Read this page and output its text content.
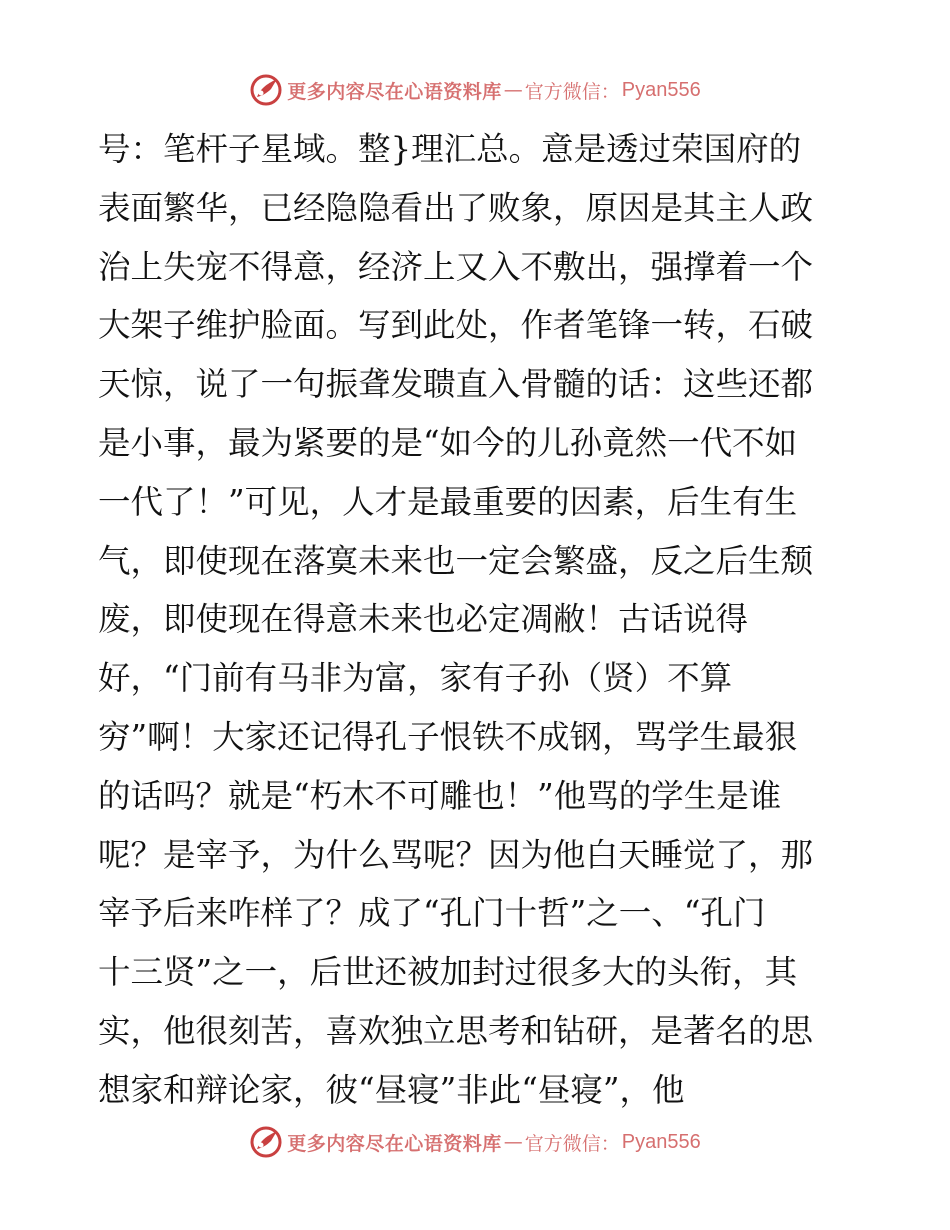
更多内容尽在心语资料库 — 官方微信： Pyan556
号：笔杆子星域。整}理汇总。意是透过荣国府的
表面繁华，已经隐隐看出了败象，原因是其主人政
治上失宠不得意，经济上又入不敷出，强撑着一个
大架子维护脸面。写到此处，作者笔锋一转，石破
天惊，说了一句振聋发聩直入骨髓的话：这些还都
是小事，最为紧要的是“如今的儿孙竟然一代不如
一代了！”可见，人才是最重要的因素，后生有生
气，即使现在落寞未来也一定会繁盛，反之后生颓
废，即使现在得意未来也必定凋敝！古话说得
好，“门前有马非为富，家有子孙（贤）不算
穷”啊！大家还记得孔子恨铁不成钢，骂学生最狠
的话吗？就是“朽木不可雕也！”他骂的学生是谁
呢？是宰予，为什么骂呢？因为他白天睡觉了，那
宰予后来咋样了？成了“孔门十哲”之一、“孔门
十三贤”之一，后世还被加封过很多大的头衔，其
实，他很刻苦，喜欢独立思考和钻研，是著名的思
想家和辩论家，彼“昼寝”非此“昼寝”，他
更多内容尽在心语资料库 — 官方微信： Pyan556
